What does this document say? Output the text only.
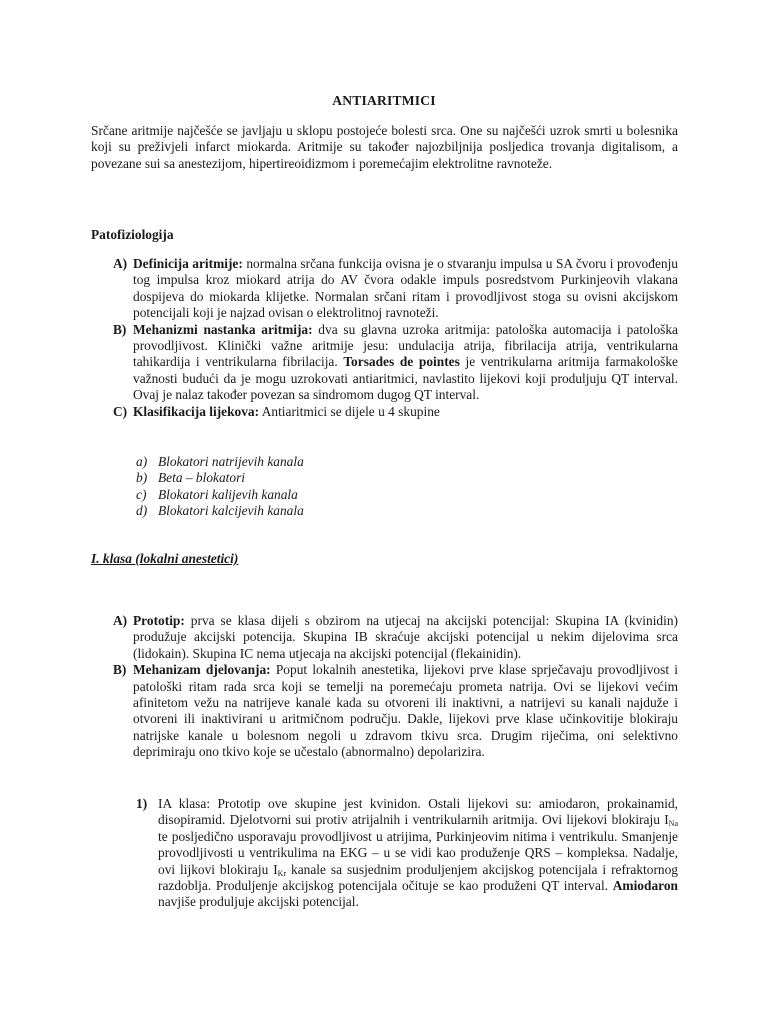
ANTIARITMICI
Srčane aritmije najčešće se javljaju u sklopu postojeće bolesti srca. One su najčešći uzrok smrti u bolesnika koji su preživjeli infarct miokarda. Aritmije su također najozbiljnija posljedica trovanja digitalisom, a povezane sui sa anestezijom, hipertireoidizmom i poremećajim elektrolitne ravnoteže.
Patofiziologija
A) Definicija aritmije: normalna srčana funkcija ovisna je o stvaranju impulsa u SA čvoru i provođenju tog impulsa kroz miokard atrija do AV čvora odakle impuls posredstvom Purkinjeovih vlakana dospijeva do miokarda klijetke. Normalan srčani ritam i provodljivost stoga su ovisni akcijskom potencijali koji je najzad ovisan o elektrolitnoj ravnoteži.
B) Mehanizmi nastanka aritmija: dva su glavna uzroka aritmija: patološka automacija i patološka provodljivost. Klinički važne aritmije jesu: undulacija atrija, fibrilacija atrija, ventrikularna tahikardija i ventrikularna fibrilacija. Torsades de pointes je ventrikularna aritmija farmakološke važnosti budući da je mogu uzrokovati antiaritmici, navlastito lijekovi koji produljuju QT interval. Ovaj je nalaz također povezan sa sindromom dugog QT interval.
C) Klasifikacija lijekova: Antiaritmici se dijele u 4 skupine
a) Blokatori natrijevih kanala
b) Beta – blokatori
c) Blokatori kalijevih kanala
d) Blokatori kalcijevih kanala
I. klasa (lokalni anestetici)
A) Prototip: prva se klasa dijeli s obzirom na utjecaj na akcijski potencijal: Skupina IA (kvinidin) produžuje akcijski potencija. Skupina IB skraćuje akcijski potencijal u nekim dijelovima srca (lidokain). Skupina IC nema utjecaja na akcijski potencijal (flekainidin).
B) Mehanizam djelovanja: Poput lokalnih anestetika, lijekovi prve klase sprječavaju provodljivost i patološki ritam rada srca koji se temelji na poremećaju prometa natrija. Ovi se lijekovi većim afinitetom vežu na natrijeve kanale kada su otvoreni ili inaktivni, a natrijevi su kanali najduže i otvoreni ili inaktivirani u aritmičnom području. Dakle, lijekovi prve klase učinkovitije blokiraju natrijske kanale u bolesnom negoli u zdravom tkivu srca. Drugim riječima, oni selektivno deprimiraju ono tkivo koje se učestalo (abnormalno) depolarizira.
1) IA klasa: Prototip ove skupine jest kvinidon. Ostali lijekovi su: amiodaron, prokainamid, disopiramid. Djelotvorni sui protiv atrijalnih i ventrikularnih aritmija. Ovi lijekovi blokiraju $I_{Na}$ te posljedično usporavaju provodljivost u atrijima, Purkinjeovim nitima i ventrikulu. Smanjenje provodljivosti u ventrikulima na EKG – u se vidi kao produženje QRS – kompleksa. Nadalje, ovi lijkovi blokiraju $I_{Kr}$ kanale sa susjednim produljenjem akcijskog potencijala i refraktornog razdoblja. Produljenje akcijskog potencijala očituje se kao produženi QT interval. Amiodaron navjiše produljuje akcijski potencijal.
